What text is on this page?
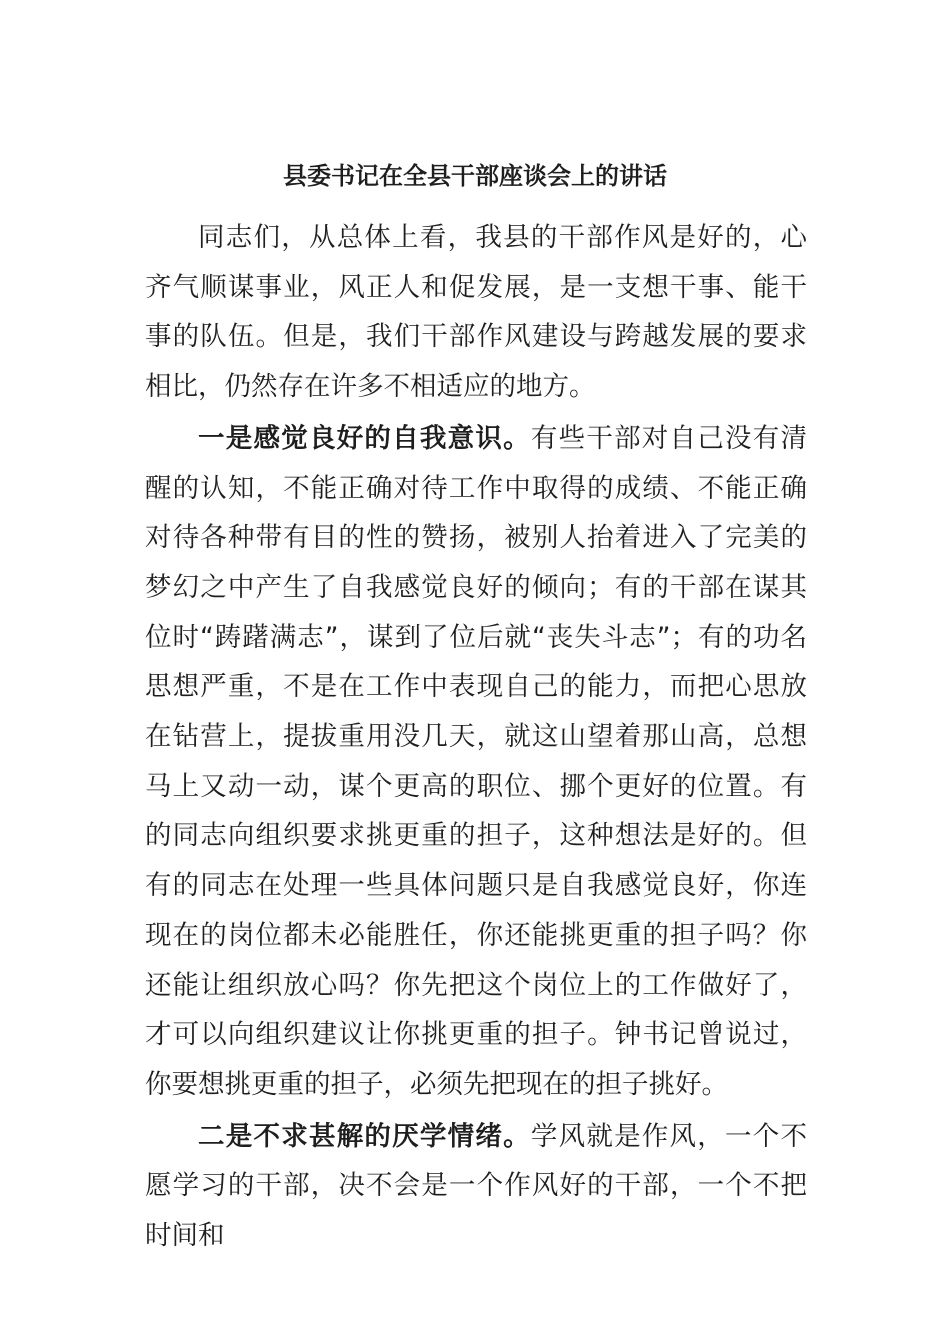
县委书记在全县干部座谈会上的讲话

同志们，从总体上看，我县的干部作风是好的，心齐气顺谋事业，风正人和促发展，是一支想干事、能干事的队伍。但是，我们干部作风建设与跨越发展的要求相比，仍然存在许多不相适应的地方。

一是感觉良好的自我意识。有些干部对自己没有清醒的认知，不能正确对待工作中取得的成绩、不能正确对待各种带有目的性的赞扬，被别人抬着进入了完美的梦幻之中产生了自我感觉良好的倾向；有的干部在谋其位时“踌躇满志”，谋到了位后就“丧失斗志”；有的功名思想严重，不是在工作中表现自己的能力，而把心思放在钻营上，提拔重用没几天，就这山望着那山高，总想马上又动一动，谋个更高的职位、挪个更好的位置。有的同志向组织要求挑更重的担子，这种想法是好的。但有的同志在处理一些具体问题只是自我感觉良好，你连现在的岗位都未必能胜任，你还能挑更重的担子吗？你还能让组织放心吗？你先把这个岗位上的工作做好了，才可以向组织建议让你挑更重的担子。钟书记曾说过，你要想挑更重的担子，必须先把现在的担子挑好。

二是不求甚解的厌学情绪。学风就是作风，一个不愿学习的干部，决不会是一个作风好的干部，一个不把时间和
